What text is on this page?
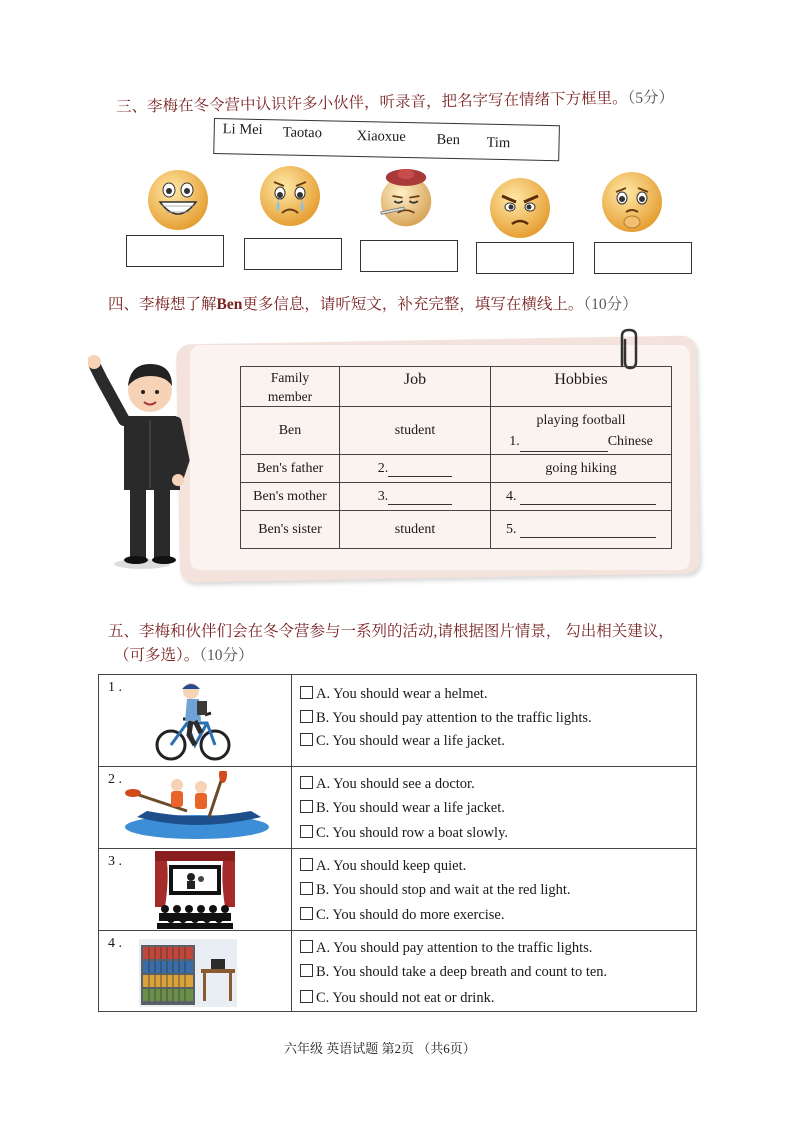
三、李梅在冬令营中认识许多小伙伴，听录音，把名字写在情绪下方框里。（5分）
Li Mei Taotao Xiaoxue Ben Tim
四、李梅想了解Ben更多信息，请听短文，补充完整，填写在横线上。（10分）
Family
member	Job	Hobbies
Ben	student	playing football
1. Chinese
Ben's father	2.	going hiking
Ben's mother	3.	4.
Ben's sister	student	5.
五、李梅和伙伴们会在冬令营参与一系列的活动,请根据图片情景， 勾出相关建议，
（可多选）。（10分）
1 .	A. You should wear a helmet.
B. You should pay attention to the traffic lights.
C. You should wear a life jacket.

2 .	A. You should see a doctor.
B. You should wear a life jacket.
C. You should row a boat slowly.

3 .	A. You should keep quiet.
B. You should stop and wait at the red light.
C. You should do more exercise.

4 .	A. You should pay attention to the traffic lights.
B. You should take a deep breath and count to ten.
C. You should not eat or drink.
六年级 英语试题 第2页 （共6页）
